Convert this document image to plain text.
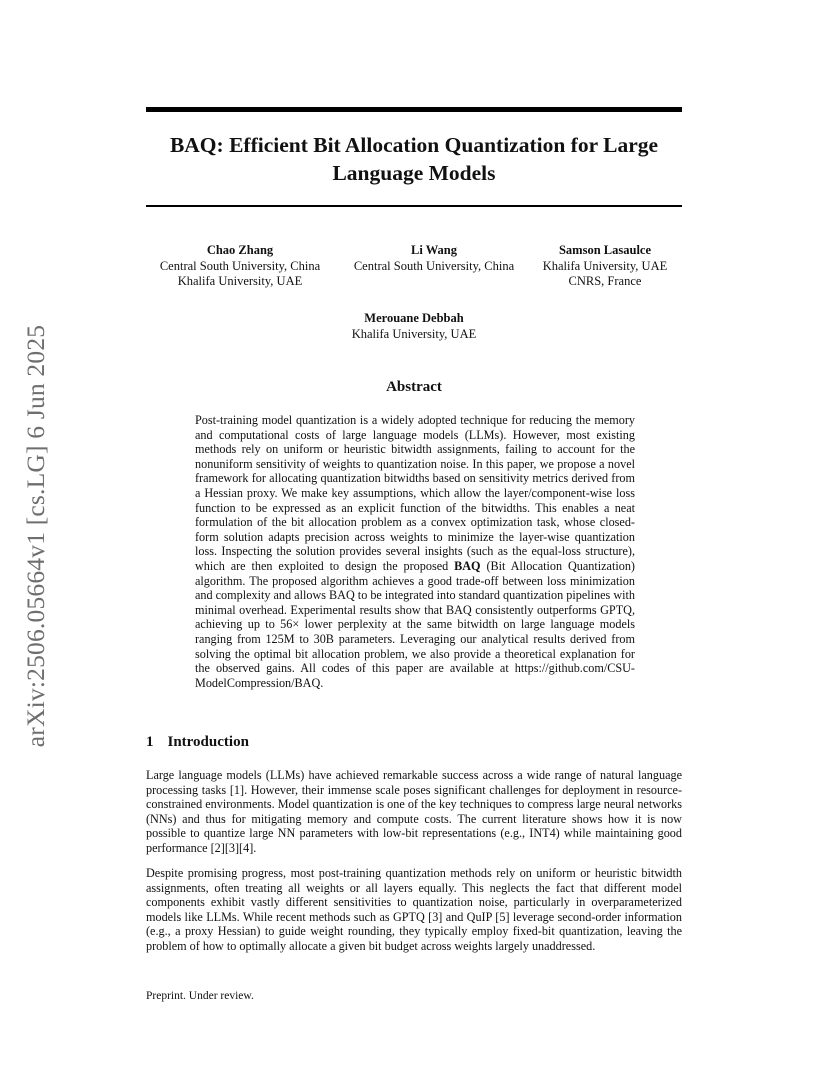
arXiv:2506.05664v1 [cs.LG] 6 Jun 2025
BAQ: Efficient Bit Allocation Quantization for Large Language Models
Chao Zhang
Central South University, China
Khalifa University, UAE
Li Wang
Central South University, China
Samson Lasaulce
Khalifa University, UAE
CNRS, France
Merouane Debbah
Khalifa University, UAE
Abstract

Post-training model quantization is a widely adopted technique for reducing the memory and computational costs of large language models (LLMs). However, most existing methods rely on uniform or heuristic bitwidth assignments, failing to account for the nonuniform sensitivity of weights to quantization noise. In this paper, we propose a novel framework for allocating quantization bitwidths based on sensitivity metrics derived from a Hessian proxy. We make key assumptions, which allow the layer/component-wise loss function to be expressed as an explicit function of the bitwidths. This enables a neat formulation of the bit allocation problem as a convex optimization task, whose closed-form solution adapts precision across weights to minimize the layer-wise quantization loss. Inspecting the solution provides several insights (such as the equal-loss structure), which are then exploited to design the proposed BAQ (Bit Allocation Quantization) algorithm. The proposed algorithm achieves a good trade-off between loss minimization and complexity and allows BAQ to be integrated into standard quantization pipelines with minimal overhead. Experimental results show that BAQ consistently outperforms GPTQ, achieving up to 56× lower perplexity at the same bitwidth on large language models ranging from 125M to 30B parameters. Leveraging our analytical results derived from solving the optimal bit allocation problem, we also provide a theoretical explanation for the observed gains. All codes of this paper are available at https://github.com/CSU-ModelCompression/BAQ.

1 Introduction

Large language models (LLMs) have achieved remarkable success across a wide range of natural language processing tasks [1]. However, their immense scale poses significant challenges for deployment in resource-constrained environments. Model quantization is one of the key techniques to compress large neural networks (NNs) and thus for mitigating memory and compute costs. The current literature shows how it is now possible to quantize large NN parameters with low-bit representations (e.g., INT4) while maintaining good performance [2][3][4].

Despite promising progress, most post-training quantization methods rely on uniform or heuristic bitwidth assignments, often treating all weights or all layers equally. This neglects the fact that different model components exhibit vastly different sensitivities to quantization noise, particularly in overparameterized models like LLMs. While recent methods such as GPTQ [3] and QuIP [5] leverage second-order information (e.g., a proxy Hessian) to guide weight rounding, they typically employ fixed-bit quantization, leaving the problem of how to optimally allocate a given bit budget across weights largely unaddressed.

Preprint. Under review.
